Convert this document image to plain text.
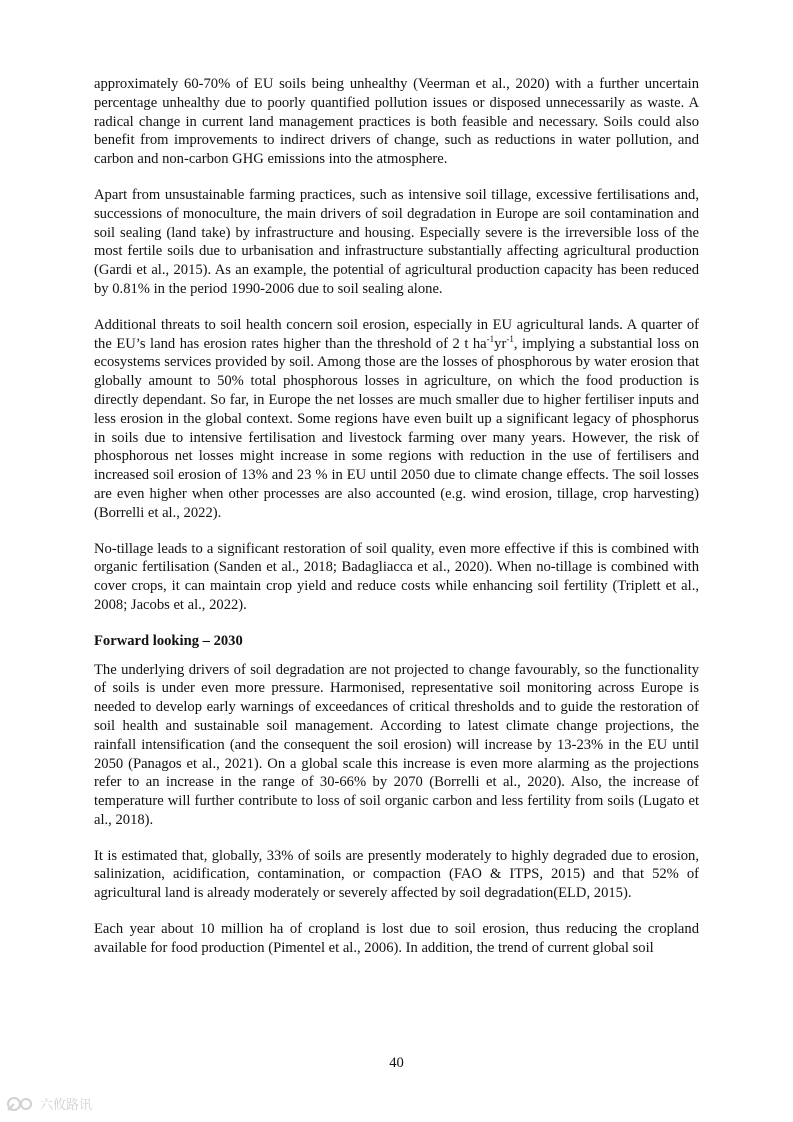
approximately 60-70% of EU soils being unhealthy (Veerman et al., 2020) with a further uncertain percentage unhealthy due to poorly quantified pollution issues or disposed unnecessarily as waste. A radical change in current land management practices is both feasible and necessary. Soils could also benefit from improvements to indirect drivers of change, such as reductions in water pollution, and carbon and non-carbon GHG emissions into the atmosphere.

Apart from unsustainable farming practices, such as intensive soil tillage, excessive fertilisations and, successions of monoculture, the main drivers of soil degradation in Europe are soil contamination and soil sealing (land take) by infrastructure and housing. Especially severe is the irreversible loss of the most fertile soils due to urbanisation and infrastructure substantially affecting agricultural production (Gardi et al., 2015). As an example, the potential of agricultural production capacity has been reduced by 0.81% in the period 1990-2006 due to soil sealing alone.

Additional threats to soil health concern soil erosion, especially in EU agricultural lands. A quarter of the EU’s land has erosion rates higher than the threshold of 2 t $ha^{-1}yr^{-1}$, implying a substantial loss on ecosystems services provided by soil. Among those are the losses of phosphorous by water erosion that globally amount to 50% total phosphorous losses in agriculture, on which the food production is directly dependant. So far, in Europe the net losses are much smaller due to higher fertiliser inputs and less erosion in the global context. Some regions have even built up a significant legacy of phosphorus in soils due to intensive fertilisation and livestock farming over many years. However, the risk of phosphorous net losses might increase in some regions with reduction in the use of fertilisers and increased soil erosion of 13% and 23 % in EU until 2050 due to climate change effects. The soil losses are even higher when other processes are also accounted (e.g. wind erosion, tillage, crop harvesting) (Borrelli et al., 2022).

No-tillage leads to a significant restoration of soil quality, even more effective if this is combined with organic fertilisation (Sanden et al., 2018; Badagliacca et al., 2020). When no-tillage is combined with cover crops, it can maintain crop yield and reduce costs while enhancing soil fertility (Triplett et al., 2008; Jacobs et al., 2022).

Forward looking – 2030

The underlying drivers of soil degradation are not projected to change favourably, so the functionality of soils is under even more pressure. Harmonised, representative soil monitoring across Europe is needed to develop early warnings of exceedances of critical thresholds and to guide the restoration of soil health and sustainable soil management. According to latest climate change projections, the rainfall intensification (and the consequent the soil erosion) will increase by 13-23% in the EU until 2050 (Panagos et al., 2021). On a global scale this increase is even more alarming as the projections refer to an increase in the range of 30-66% by 2070 (Borrelli et al., 2020). Also, the increase of temperature will further contribute to loss of soil organic carbon and less fertility from soils (Lugato et al., 2018).

It is estimated that, globally, 33% of soils are presently moderately to highly degraded due to erosion, salinization, acidification, contamination, or compaction (FAO & ITPS, 2015) and that 52% of agricultural land is already moderately or severely affected by soil degradation(ELD, 2015).

Each year about 10 million ha of cropland is lost due to soil erosion, thus reducing the cropland available for food production (Pimentel et al., 2006). In addition, the trend of current global soil

40
六攸路讯
